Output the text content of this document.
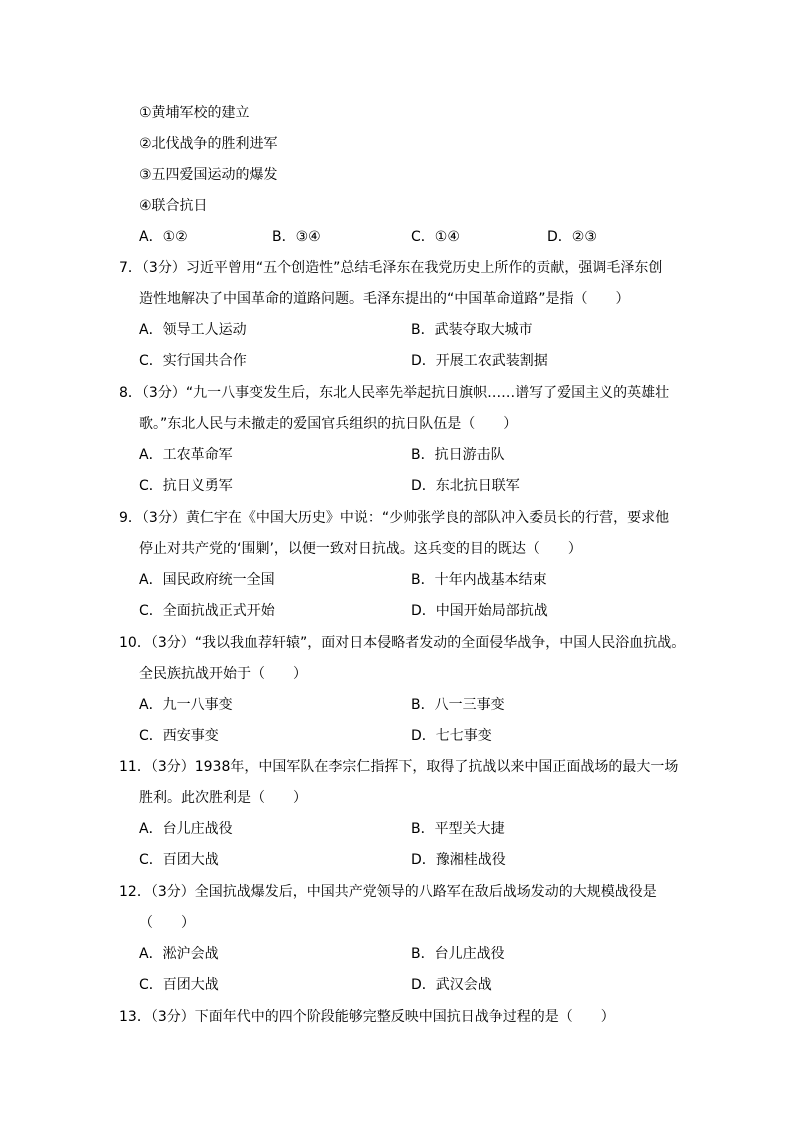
①黄埔军校的建立
②北伐战争的胜利进军
③五四爱国运动的爆发
④联合抗日
A．①②	B．③④	C．①④	D．②③
7．（3分）习近平曾用“五个创造性”总结毛泽东在我党历史上所作的贡献，强调毛泽东创
造性地解决了中国革命的道路问题。毛泽东提出的“中国革命道路”是指（　　）
A．领导工人运动	B．武装夺取大城市
C．实行国共合作	D．开展工农武装割据
8．（3分）“九一八事变发生后，东北人民率先举起抗日旗帜……谱写了爱国主义的英雄壮
歌。”东北人民与未撤走的爱国官兵组织的抗日队伍是（　　）
A．工农革命军	B．抗日游击队
C．抗日义勇军	D．东北抗日联军
9．（3分）黄仁宇在《中国大历史》中说：“少帅张学良的部队冲入委员长的行营，要求他
停止对共产党的‘围剿’，以便一致对日抗战。这兵变的目的既达（　　）
A．国民政府统一全国	B．十年内战基本结束
C．全面抗战正式开始	D．中国开始局部抗战
10．（3分）“我以我血荐轩辕”，面对日本侵略者发动的全面侵华战争，中国人民浴血抗战。
全民族抗战开始于（　　）
A．九一八事变	B．八一三事变
C．西安事变	D．七七事变
11．（3分）1938年，中国军队在李宗仁指挥下，取得了抗战以来中国正面战场的最大一场
胜利。此次胜利是（　　）
A．台儿庄战役	B．平型关大捷
C．百团大战	D．豫湘桂战役
12．（3分）全国抗战爆发后，中国共产党领导的八路军在敌后战场发动的大规模战役是
（　　）
A．淞沪会战	B．台儿庄战役
C．百团大战	D．武汉会战
13．（3分）下面年代中的四个阶段能够完整反映中国抗日战争过程的是（　　）
